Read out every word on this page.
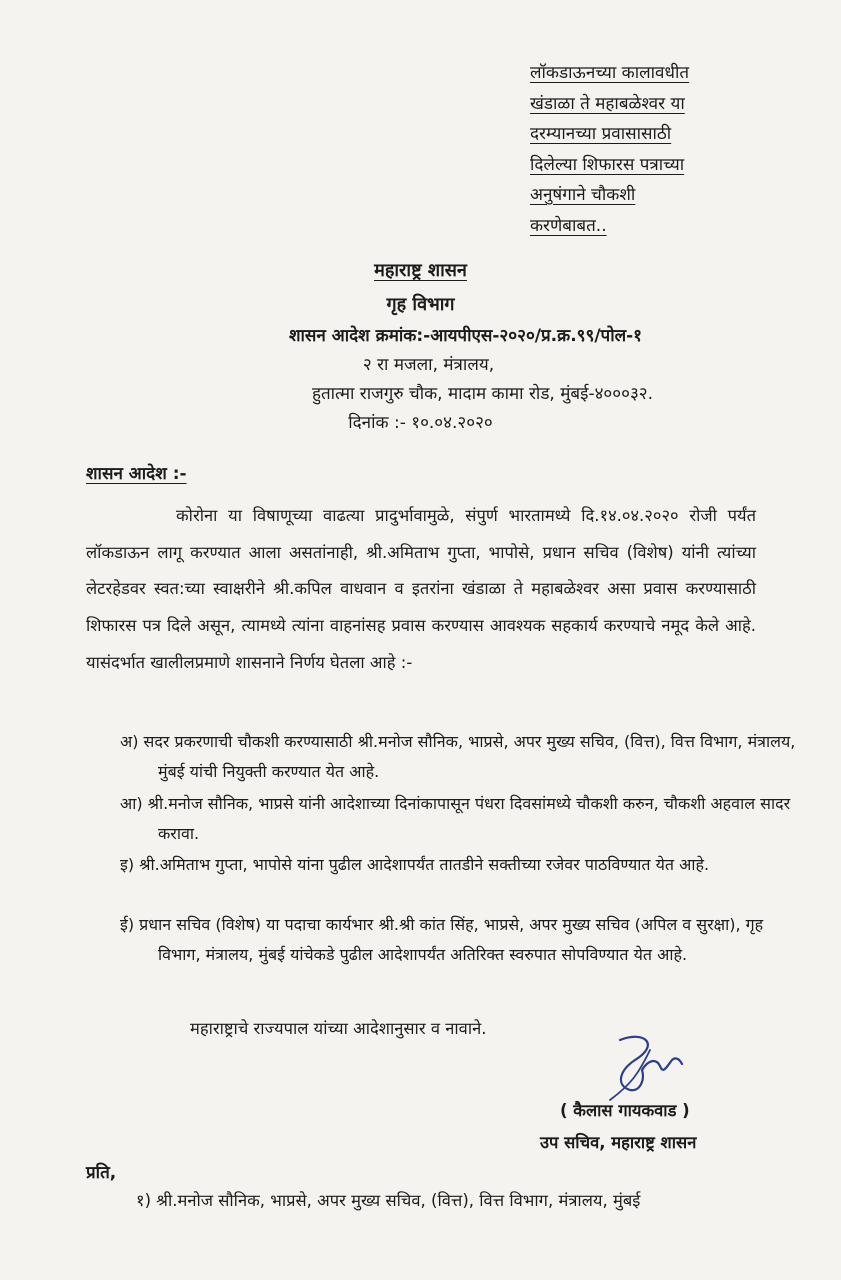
लॉकडाऊनच्या कालावधीत
खंडाळा ते महाबळेश्वर या
दरम्यानच्या प्रवासासाठी
दिलेल्या शिफारस पत्राच्या
अनुषंगाने चौकशी
करणेबाबत..
महाराष्ट्र शासन
गृह विभाग
शासन आदेश क्रमांक:-आयपीएस-२०२०/प्र.क्र.९९/पोल-१
२ रा मजला, मंत्रालय,
हुतात्मा राजगुरु चौक, मादाम कामा रोड, मुंबई-४०००३२.
दिनांक :- १०.०४.२०२०
शासन आदेश :-

कोरोना या विषाणूच्या वाढत्या प्रादुर्भावामुळे, संपुर्ण भारतामध्ये दि.१४.०४.२०२० रोजी पर्यंत लॉकडाऊन लागू करण्यात आला असतांनाही, श्री.अमिताभ गुप्ता, भापोसे, प्रधान सचिव (विशेष) यांनी त्यांच्या लेटरहेडवर स्वत:च्या स्वाक्षरीने श्री.कपिल वाधवान व इतरांना खंडाळा ते महाबळेश्वर असा प्रवास करण्यासाठी शिफारस पत्र दिले असून, त्यामध्ये त्यांना वाहनांसह प्रवास करण्यास आवश्यक सहकार्य करण्याचे नमूद केले आहे. यासंदर्भात खालीलप्रमाणे शासनाने निर्णय घेतला आहे :-

अ) सदर प्रकरणाची चौकशी करण्यासाठी श्री.मनोज सौनिक, भाप्रसे, अपर मुख्य सचिव, (वित्त), वित्त विभाग, मंत्रालय, मुंबई यांची नियुक्ती करण्यात येत आहे.
आ) श्री.मनोज सौनिक, भाप्रसे यांनी आदेशाच्या दिनांकापासून पंधरा दिवसांमध्ये चौकशी करुन, चौकशी अहवाल सादर करावा.
इ) श्री.अमिताभ गुप्ता, भापोसे यांना पुढील आदेशापर्यंत तातडीने सक्तीच्या रजेवर पाठविण्यात येत आहे.
ई) प्रधान सचिव (विशेष) या पदाचा कार्यभार श्री.श्री कांत सिंह, भाप्रसे, अपर मुख्य सचिव (अपिल व सुरक्षा), गृह विभाग, मंत्रालय, मुंबई यांचेकडे पुढील आदेशापर्यंत अतिरिक्त स्वरुपात सोपविण्यात येत आहे.
महाराष्ट्राचे राज्यपाल यांच्या आदेशानुसार व नावाने.
( कैलास गायकवाड )
उप सचिव, महाराष्ट्र शासन
प्रति,
१) श्री.मनोज सौनिक, भाप्रसे, अपर मुख्य सचिव, (वित्त), वित्त विभाग, मंत्रालय, मुंबई
